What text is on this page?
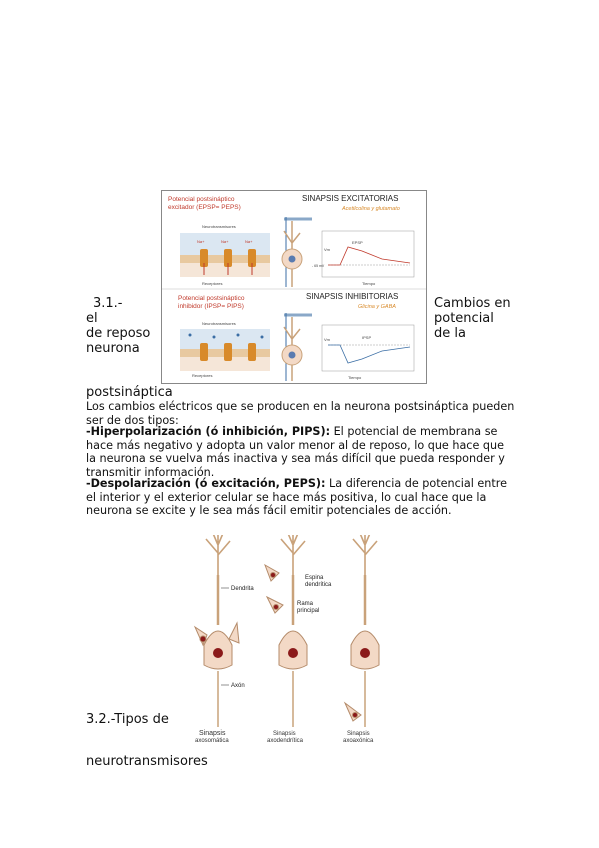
3.1.-	Cambios en
el	potencial
de reposo	de la
neurona
postsináptica
Potencial postsináptico
excitador (EPSP= PEPS)
SINAPSIS EXCITATORIAS
Acetilcolina y glutamato
Neurotransmisores
Na+	Na+	Na+
Receptores
Vm
- 65 mV
EPSP
Tiempo
Potencial postsináptico
inhibidor (IPSP= PIPS)
SINAPSIS INHIBITORIAS
Glicina y GABA
Neurotransmisores
Receptores
Vm	IPSP
Tiempo
Los cambios eléctricos que se producen en la neurona postsináptica pueden ser de dos tipos:
-Hiperpolarización (ó inhibición, PIPS): El potencial de membrana se hace más negativo y adopta un valor menor al de reposo, lo que hace que la neurona se vuelva más inactiva y sea más difícil que pueda responder y transmitir información.
-Despolarización (ó excitación, PEPS): La diferencia de potencial entre el interior y el exterior celular se hace más positiva, lo cual hace que la neurona se excite y le sea más fácil emitir potenciales de acción.
Dendrita
Axón
Espina
dendrítica
Rama
principal
Sinapsis
axosomática
Sinapsis
axodendrítica
Sinapsis
axoaxónica
3.2.-Tipos de
neurotransmisores
